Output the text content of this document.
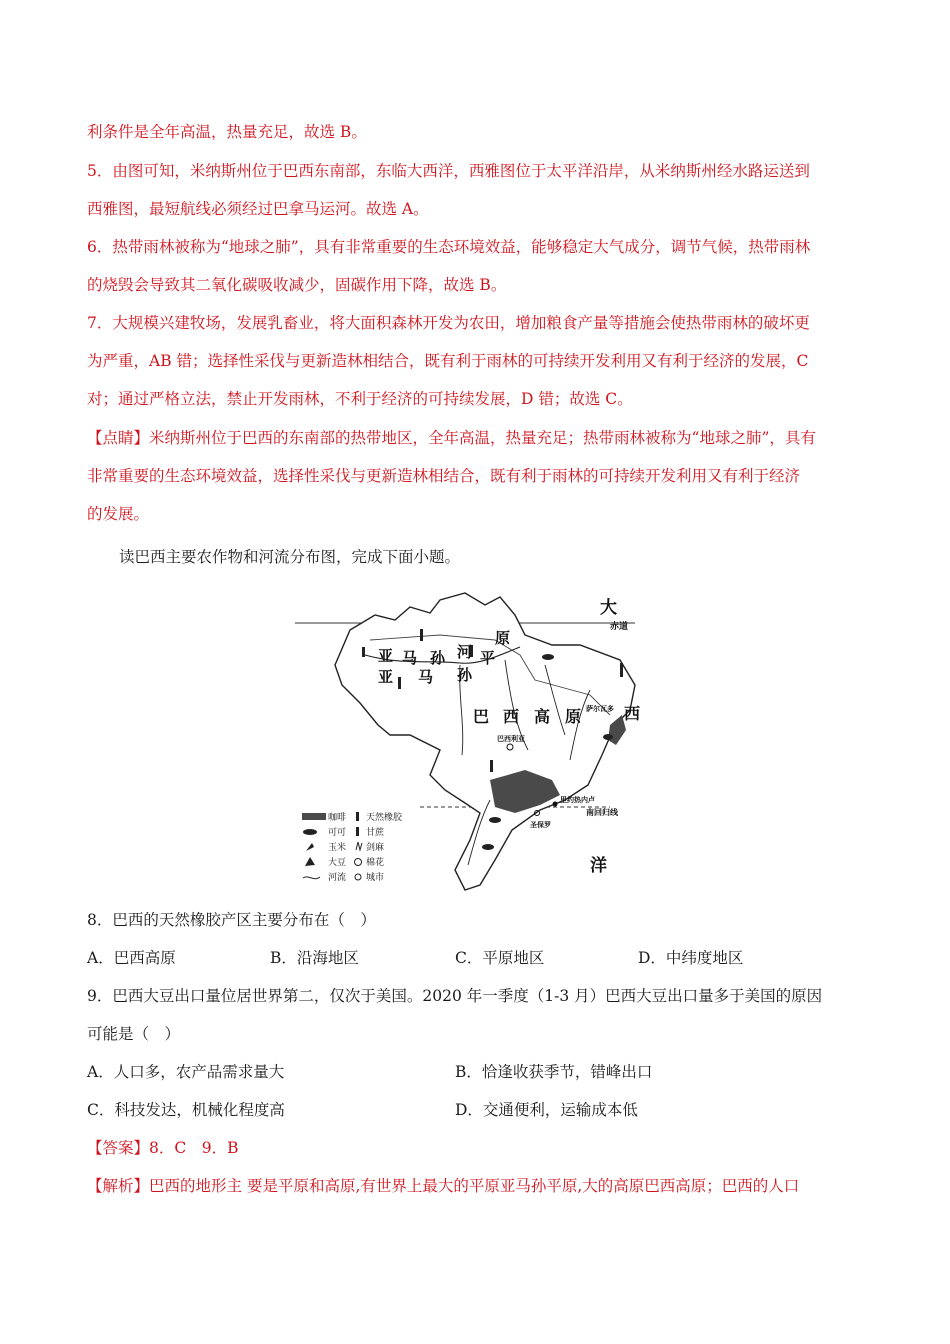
利条件是全年高温，热量充足，故选 B。
5．由图可知，米纳斯州位于巴西东南部，东临大西洋，西雅图位于太平洋沿岸，从米纳斯州经水路运送到
西雅图，最短航线必须经过巴拿马运河。故选 A。
6．热带雨林被称为“地球之肺”，具有非常重要的生态环境效益，能够稳定大气成分，调节气候，热带雨林
的烧毁会导致其二氧化碳吸收减少，固碳作用下降，故选 B。
7．大规模兴建牧场，发展乳畜业，将大面积森林开发为农田，增加粮食产量等措施会使热带雨林的破坏更
为严重，AB 错；选择性采伐与更新造林相结合，既有利于雨林的可持续开发利用又有利于经济的发展，C
对；通过严格立法，禁止开发雨林，不利于经济的可持续发展，D 错；故选 C。
【点睛】米纳斯州位于巴西的东南部的热带地区，全年高温，热量充足；热带雨林被称为“地球之肺”，具有
非常重要的生态环境效益，选择性采伐与更新造林相结合，既有利于雨林的可持续开发利用又有利于经济
的发展。
读巴西主要农作物和河流分布图，完成下面小题。
大
赤道
原
亚 马 孙 河 平
亚 马 孙
巴 西 高 原	西
萨尔瓦多
巴西利亚
里约热内卢
南回归线
圣保罗
洋
咖啡 天然橡胶
可可 甘蔗
玉米 剑麻
大豆 棉花
河流 城市
8．巴西的天然橡胶产区主要分布在（　）
A．巴西高原	B．沿海地区	C．平原地区	D．中纬度地区
9．巴西大豆出口量位居世界第二，仅次于美国。2020 年一季度（1-3 月）巴西大豆出口量多于美国的原因
可能是（　）
A．人口多，农产品需求量大	B．恰逢收获季节，错峰出口
C．科技发达，机械化程度高	D．交通便利，运输成本低
【答案】8．C　9．B
【解析】巴西的地形主 要是平原和高原,有世界上最大的平原亚马孙平原,大的高原巴西高原；巴西的人口
